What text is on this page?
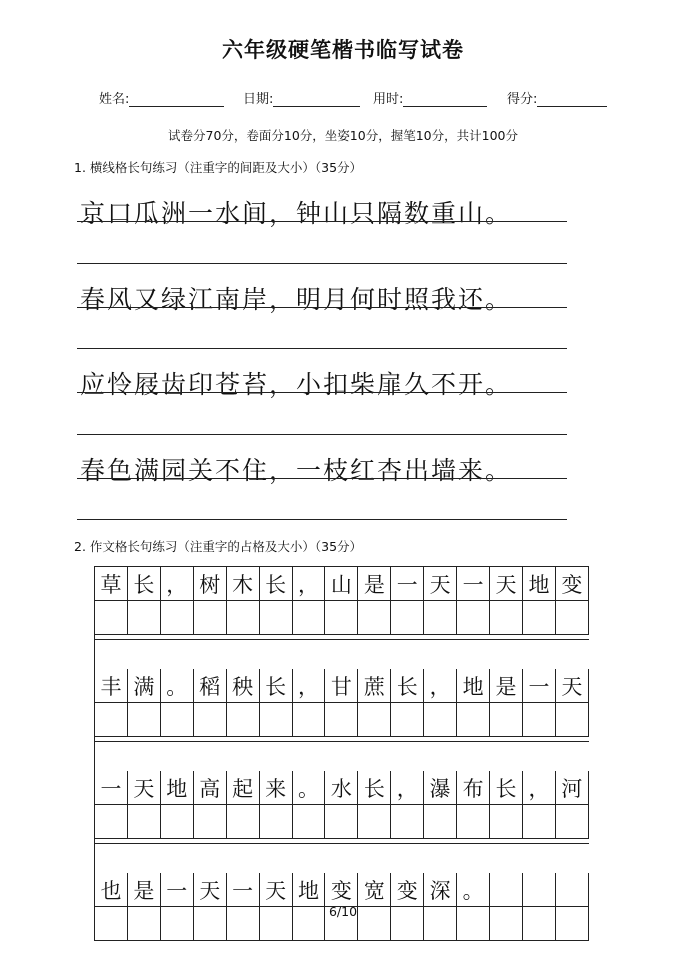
六年级硬笔楷书临写试卷
姓名:	日期:	用时:	得分:
试卷分70分，卷面分10分，坐姿10分，握笔10分，共计100分
1. 横线格长句练习（注重字的间距及大小）（35分）
京口瓜洲一水间，钟山只隔数重山。
春风又绿江南岸，明月何时照我还。
应怜屐齿印苍苔，小扣柴扉久不开。
春色满园关不住，一枝红杏出墙来。
2. 作文格长句练习（注重字的占格及大小）（35分）
草 长 ， 树 木 长 ， 山 是 一 天 一 天 地 变
丰 满 。 稻 秧 长 ， 甘 蔗 长 ， 地 是 一 天
一 天 地 高 起 来 。 水 长 ， 瀑 布 长 ， 河
也 是 一 天 一 天 地 变 宽 变 深 。
6/10
